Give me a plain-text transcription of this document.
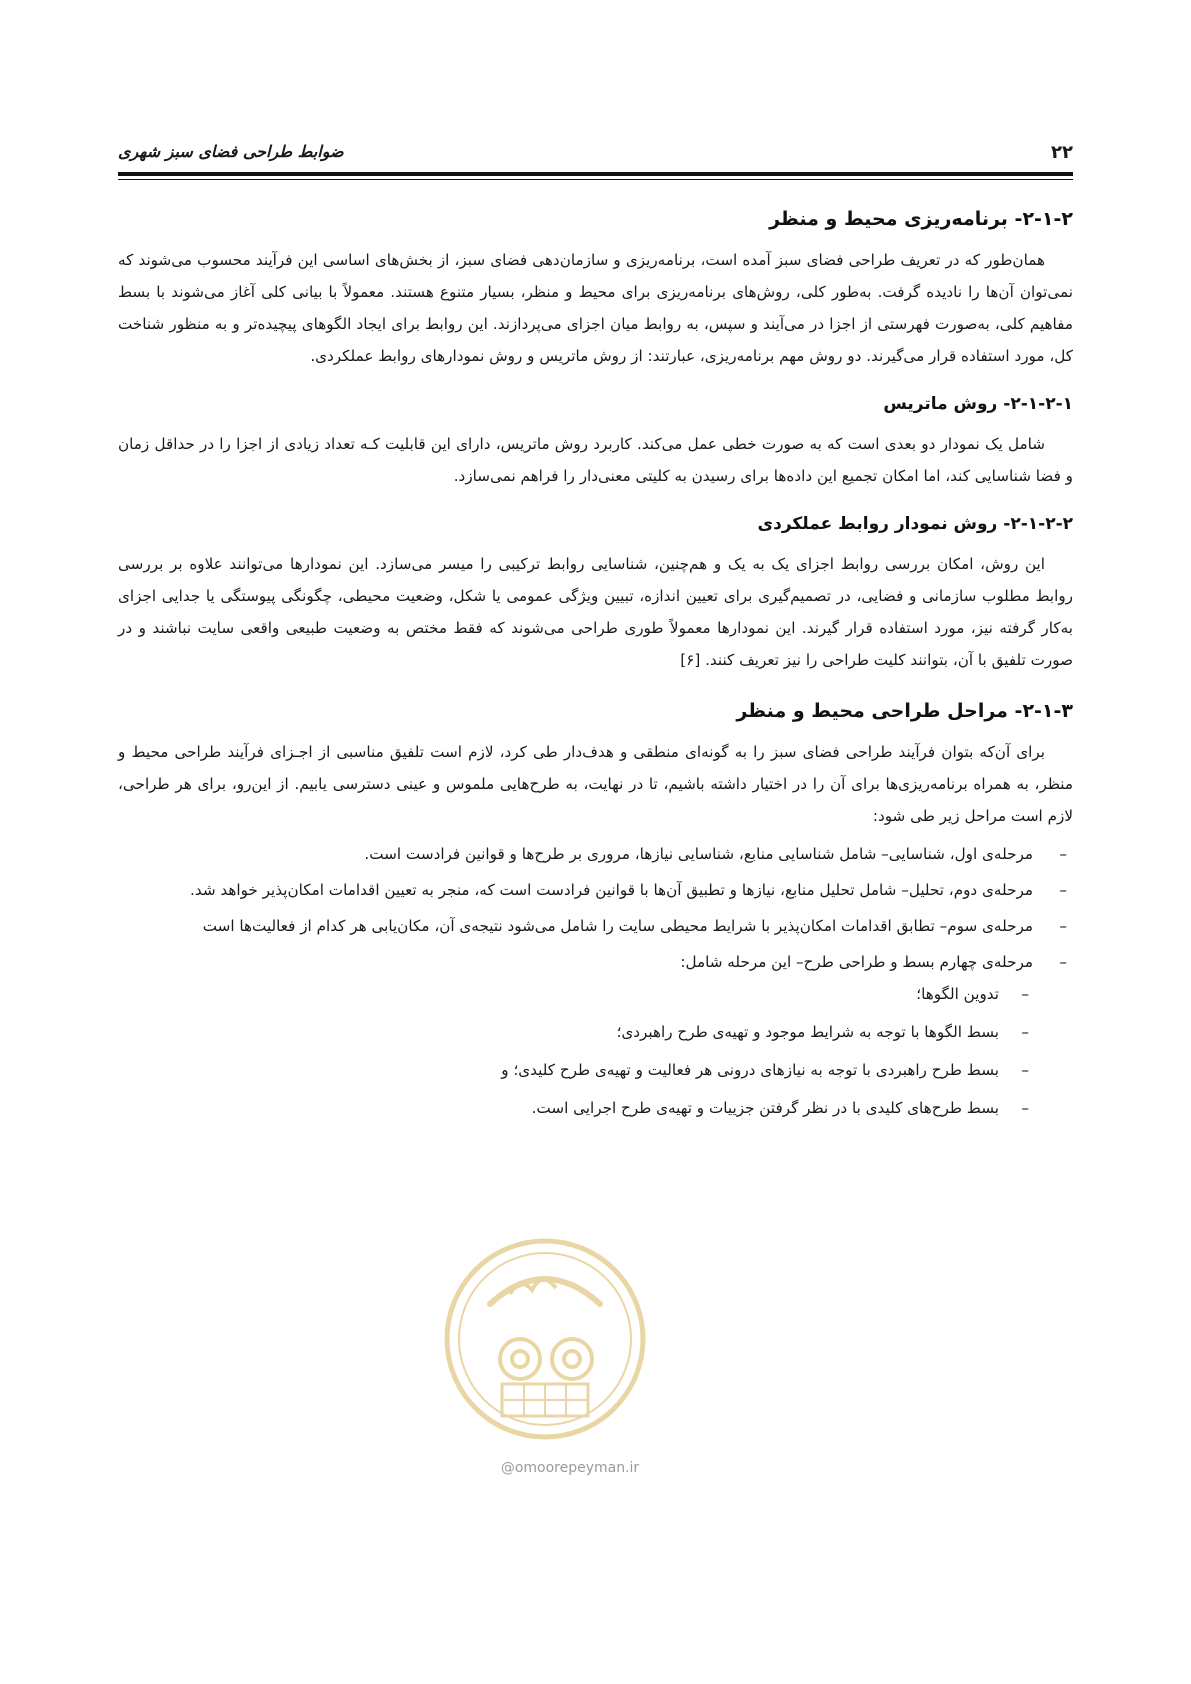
۲۲
ضوابط طراحی فضای سبز شهری
۲-۱-۲- برنامه‌ریزی محیط و منظر

همان‌طور که در تعریف طراحی فضای سبز آمده است، برنامه‌ریزی و سازمان‌دهی فضای سبز، از بخش‌های اساسی این فرآیند محسوب می‌شوند که نمی‌توان آن‌ها را نادیده گرفت. به‌طور کلی، روش‌های برنامه‌ریزی برای محیط و منظر، بسیار متنوع هستند. معمولاً با بیانی کلی آغاز می‌شوند با بسط مفاهیم کلی، به‌صورت فهرستی از اجزا در می‌آیند و سپس، به روابط میان اجزای می‌پردازند. این روابط برای ایجاد الگوهای پیچیده‌تر و به منظور شناخت کل، مورد استفاده قرار می‌گیرند. دو روش مهم برنامه‌ریزی، عبارتند: از روش ماتریس و روش نمودارهای روابط عملکردی.

۲-۱-۲-۱- روش ماتریس

شامل یک نمودار دو بعدی است که به صورت خطی عمل می‌کند. کاربرد روش ماتریس، دارای این قابلیت کـه تعداد زیادی از اجزا را در حداقل زمان و فضا شناسایی کند، اما امکان تجمیع این داده‌ها برای رسیدن به کلیتی معنی‌دار را فراهم نمی‌سازد.

۲-۱-۲-۲- روش نمودار روابط عملکردی

این روش، امکان بررسی روابط اجزای یک به یک و هم‌چنین، شناسایی روابط ترکیبی را میسر می‌سازد. این نمودارها می‌توانند علاوه بر بررسی روابط مطلوب سازمانی و فضایی، در تصمیم‌گیری برای تعیین اندازه، تبیین ویژگی عمومی یا شکل، وضعیت محیطی، چگونگی پیوستگی یا جدایی اجزای به‌کار گرفته نیز، مورد استفاده قرار گیرند. این نمودارها معمولاً طوری طراحی می‌شوند که فقط مختص به وضعیت طبیعی واقعی سایت نباشند و در صورت تلفیق با آن، بتوانند کلیت طراحی را نیز تعریف کنند. [۶]

۲-۱-۳- مراحل طراحی محیط و منظر

برای آن‌که بتوان فرآیند طراحی فضای سبز را به گونه‌ای منطقی و هدف‌دار طی کرد، لازم است تلفیق مناسبی از اجـزای فرآیند طراحی محیط و منظر، به همراه برنامه‌ریزی‌ها برای آن را در اختیار داشته باشیم، تا در نهایت، به طرح‌هایی ملموس و عینی دسترسی یابیم. از این‌رو، برای هر طراحی، لازم است مراحل زیر طی شود:

–
مرحله‌ی اول، شناسایی– شامل شناسایی منابع، شناسایی نیازها، مروری بر طرح‌ها و قوانین فرادست است.
–
مرحله‌ی دوم، تحلیل– شامل تحلیل منابع، نیازها و تطبیق آن‌ها با قوانین فرادست است که، منجر به تعیین اقدامات امکان‌پذیر خواهد شد.
–
مرحله‌ی سوم– تطابق اقدامات امکان‌پذیر با شرایط محیطی سایت را شامل می‌شود نتیجه‌ی آن، مکان‌یابی هر کدام از فعالیت‌ها است
–
مرحله‌ی چهارم بسط و طراحی طرح– این مرحله شامل:
–
تدوین الگوها؛
–
بسط الگوها با توجه به شرایط موجود و تهیه‌ی طرح راهبردی؛
–
بسط طرح راهبردی با توجه به نیازهای درونی هر فعالیت و تهیه‌ی طرح کلیدی؛ و
–
بسط طرح‌های کلیدی با در نظر گرفتن جزییات و تهیه‌ی طرح اجرایی است.
@omoorepeyman.ir
